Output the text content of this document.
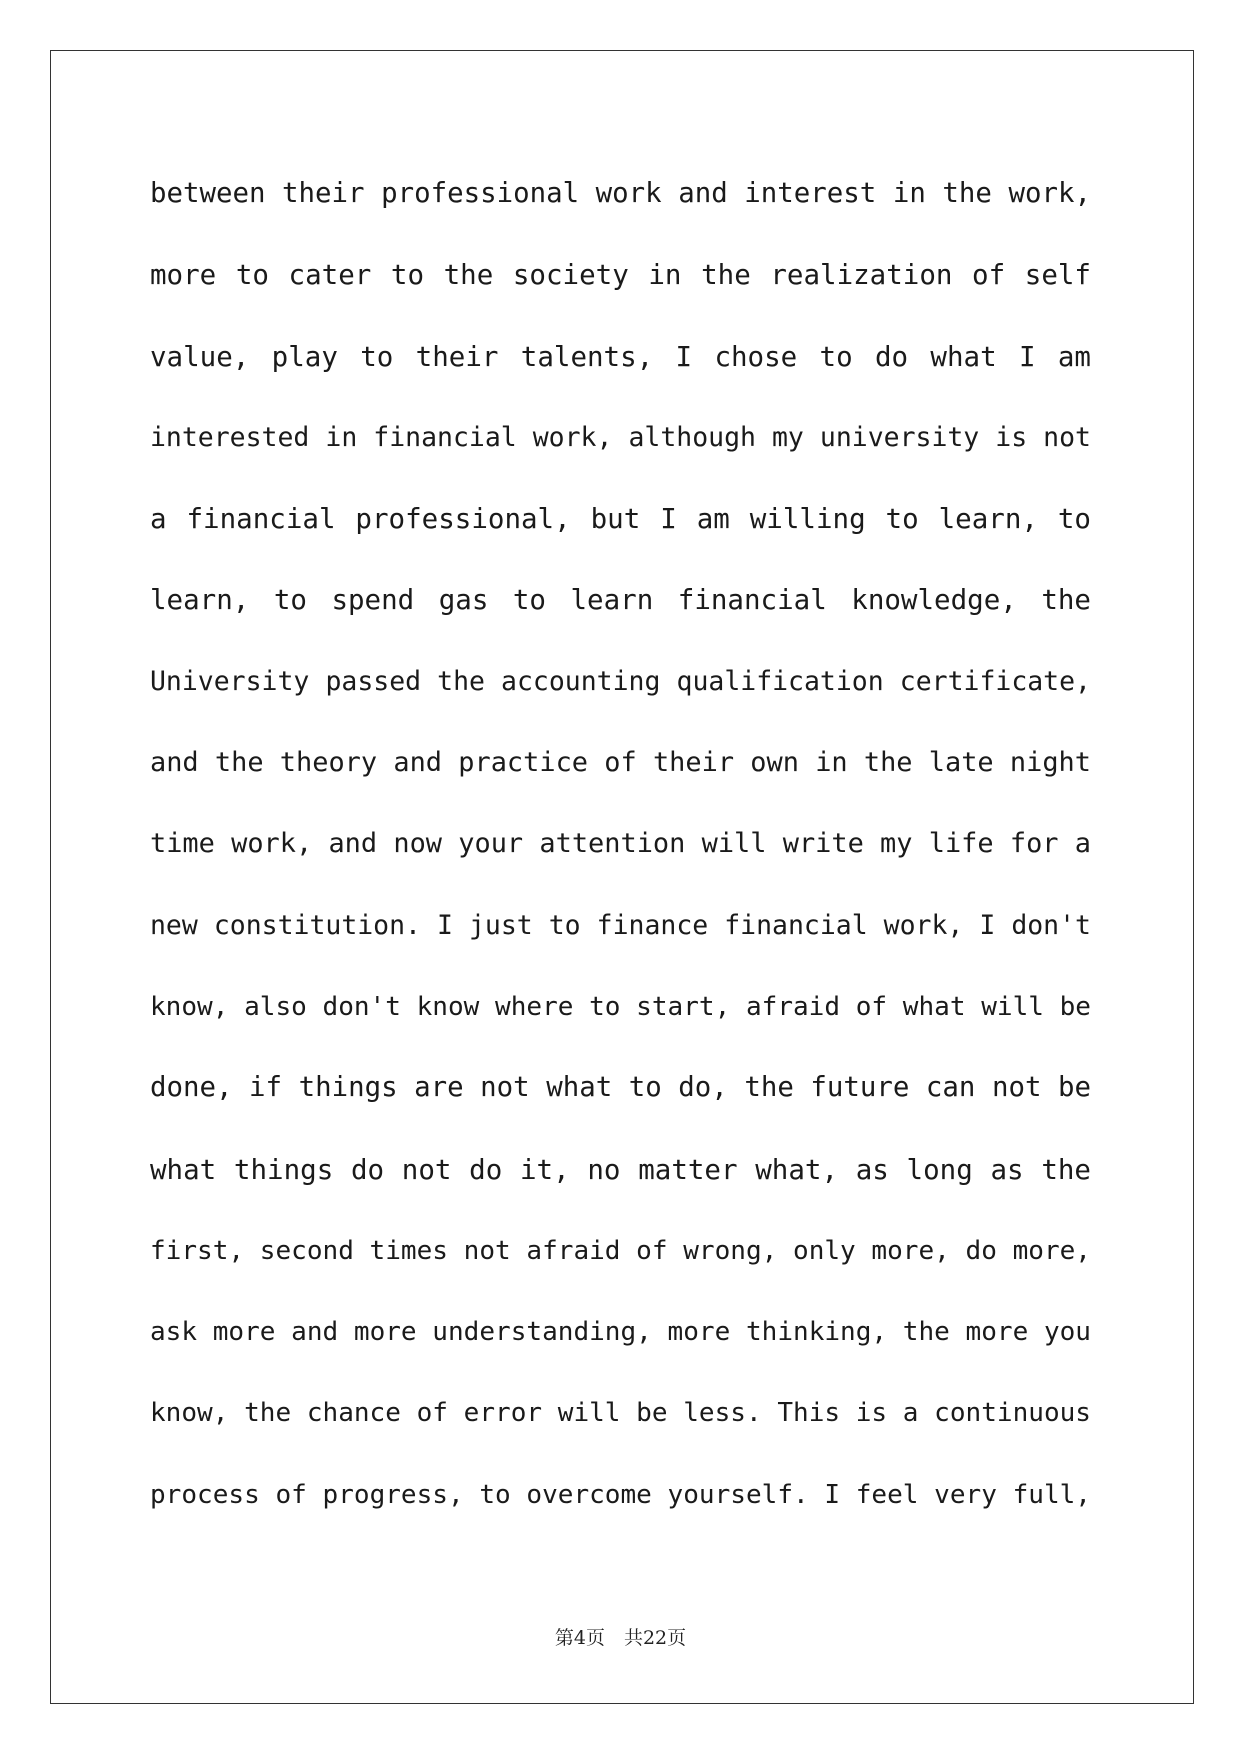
between their professional work and interest in the work,
more to cater to the society in the realization of self
value, play to their talents, I chose to do what I am
interested in financial work, although my university is not
a financial professional, but I am willing to learn, to
learn, to spend gas to learn financial knowledge, the
University passed the accounting qualification certificate,
and the theory and practice of their own in the late night
time work, and now your attention will write my life for a
new constitution. I just to finance financial work, I don't
know, also don't know where to start, afraid of what will be
done, if things are not what to do, the future can not be
what things do not do it, no matter what, as long as the
first, second times not afraid of wrong, only more, do more,
ask more and more understanding, more thinking, the more you
know, the chance of error will be less. This is a continuous
process of progress, to overcome yourself. I feel very full,
第4页　共22页
